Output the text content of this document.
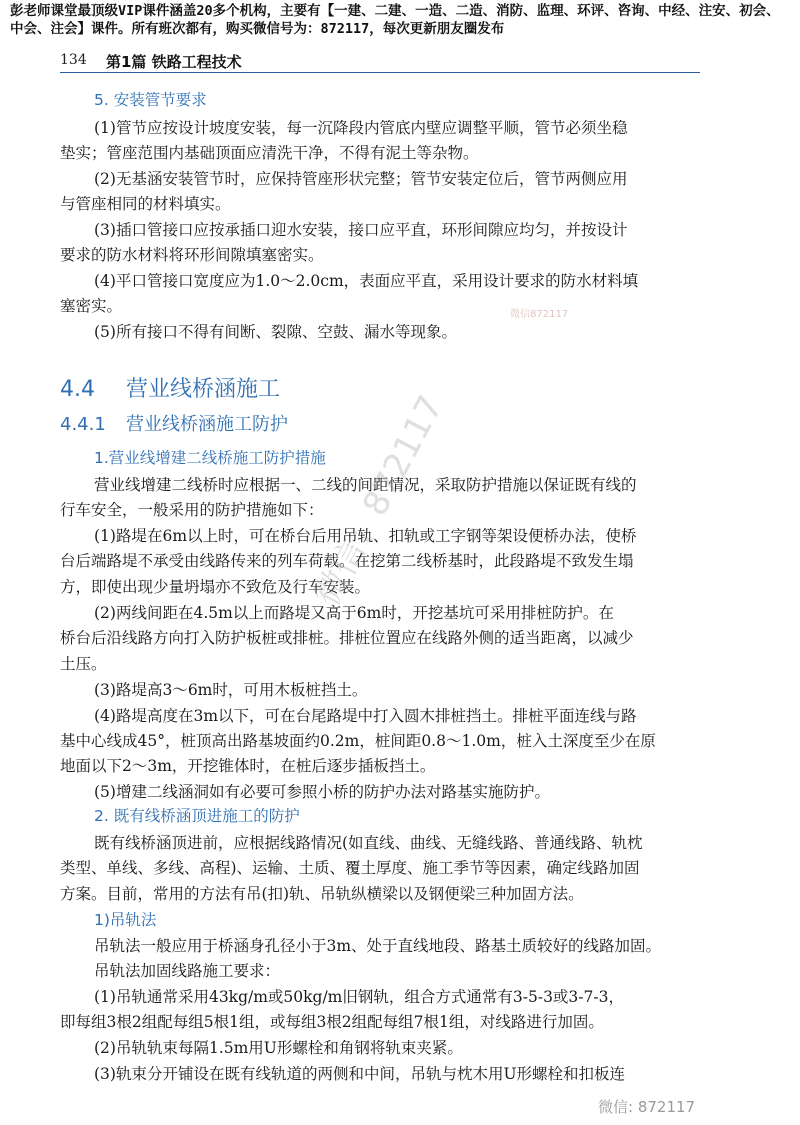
彭老师课堂最顶级VIP课件涵盖20多个机构，主要有【一建、二建、一造、二造、消防、监理、环评、咨询、中经、注安、初会、中会、注会】课件。所有班次都有，购买微信号为：872117，每次更新朋友圈发布
134 第1篇 铁路工程技术
5. 安装管节要求
(1)管节应按设计坡度安装，每一沉降段内管底内壁应调整平顺，管节必须坐稳
垫实；管座范围内基础顶面应清洗干净，不得有泥土等杂物。
(2)无基涵安装管节时，应保持管座形状完整；管节安装定位后，管节两侧应用
与管座相同的材料填实。
(3)插口管接口应按承插口迎水安装，接口应平直，环形间隙应均匀，并按设计
要求的防水材料将环形间隙填塞密实。
(4)平口管接口宽度应为1.0～2.0cm，表面应平直，采用设计要求的防水材料填
塞密实。
(5)所有接口不得有间断、裂隙、空鼓、漏水等现象。
4.4 营业线桥涵施工
4.4.1 营业线桥涵施工防护
1.营业线增建二线桥施工防护措施
营业线增建二线桥时应根据一、二线的间距情况，采取防护措施以保证既有线的
行车安全，一般采用的防护措施如下：
(1)路堤在6m以上时，可在桥台后用吊轨、扣轨或工字钢等架设便桥办法，使桥
台后端路堤不承受由线路传来的列车荷载。在挖第二线桥基时，此段路堤不致发生塌
方，即使出现少量坍塌亦不致危及行车安装。
(2)两线间距在4.5m以上而路堤又高于6m时，开挖基坑可采用排桩防护。在
桥台后沿线路方向打入防护板桩或排桩。排桩位置应在线路外侧的适当距离，以减少
土压。
(3)路堤高3～6m时，可用木板桩挡土。
(4)路堤高度在3m以下，可在台尾路堤中打入圆木排桩挡土。排桩平面连线与路
基中心线成45°，桩顶高出路基坡面约0.2m，桩间距0.8～1.0m，桩入土深度至少在原
地面以下2～3m，开挖锥体时，在桩后逐步插板挡土。
(5)增建二线涵洞如有必要可参照小桥的防护办法对路基实施防护。
2. 既有线桥涵顶进施工的防护
既有线桥涵顶进前，应根据线路情况(如直线、曲线、无缝线路、普通线路、轨枕
类型、单线、多线、高程)、运输、土质、覆土厚度、施工季节等因素，确定线路加固
方案。目前，常用的方法有吊(扣)轨、吊轨纵横梁以及钢便梁三种加固方法。
1)吊轨法
吊轨法一般应用于桥涵身孔径小于3m、处于直线地段、路基土质较好的线路加固。
吊轨法加固线路施工要求：
(1)吊轨通常采用43kg/m或50kg/m旧钢轨，组合方式通常有3-5-3或3-7-3，
即每组3根2组配每组5根1组，或每组3根2组配每组7根1组，对线路进行加固。
(2)吊轨轨束每隔1.5m用U形螺栓和角钢将轨束夹紧。
(3)轨束分开铺设在既有线轨道的两侧和中间，吊轨与枕木用U形螺栓和扣板连
微信：872117
微信872117
微信: 872117
